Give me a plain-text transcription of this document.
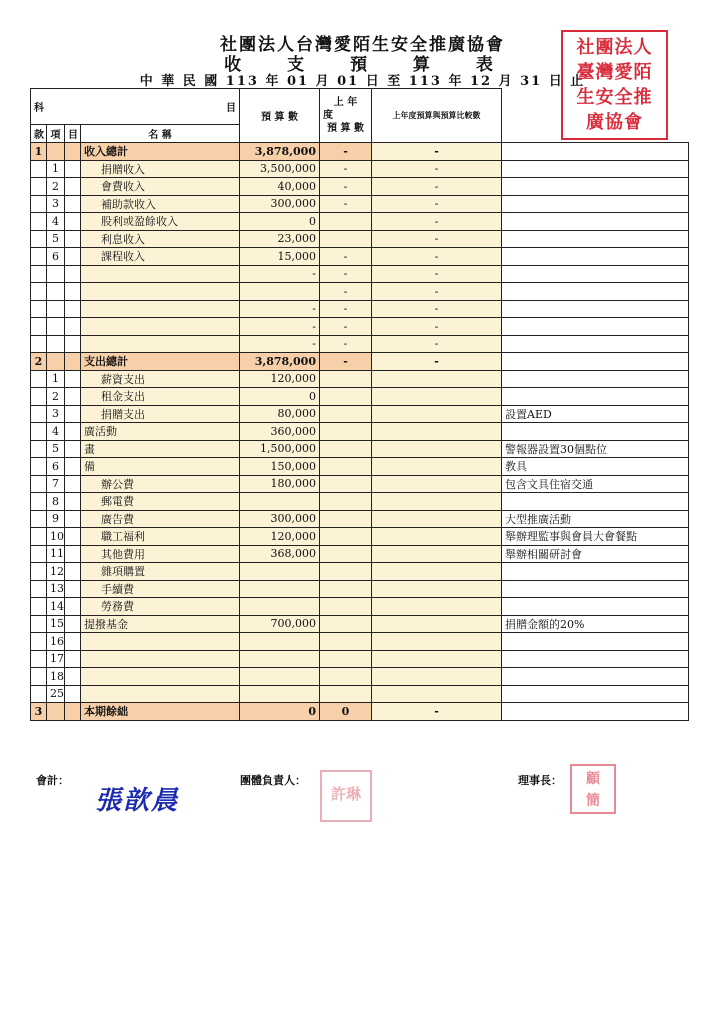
社團法人台灣愛陌生安全推廣協會
收 支 預 算 表
中 華 民 國 113 年 01 月 01 日 至 113 年 12 月 31 日 止
社團法人
臺灣愛陌
生安全推
廣協會
科			目	預 算 數	上 年
度
預 算 數	上年度預算與預算比較數	
款	項	目	名 稱				
1			收入總計	3,878,000	-	-	
	1		捐贈收入	3,500,000	-	-	
	2		會費收入	40,000	-	-	
	3		補助款收入	300,000	-	-	
	4		股利或盈餘收入	0		-	
	5		利息收入	23,000		-	
	6		課程收入	15,000	-	-	
				-	-	-	
					-	-	
				-	-	-	
				-	-	-	
				-	-	-	
2			支出總計	3,878,000	-	-	
	1		薪資支出	120,000			
	2		租金支出	0			
	3		捐贈支出	80,000			設置AED
	4		廣活動	360,000			
	5		畫	1,500,000			警報器設置30個點位
	6		備	150,000			教具
	7		辦公費	180,000			包含文具住宿交通
	8		郵電費				
	9		廣告費	300,000			大型推廣活動
	10		職工福利	120,000			舉辦理監事與會員大會餐點
	11		其他費用	368,000			舉辦相關研討會
	12		雜項購置				
	13		手續費				
	14		勞務費				
	15		提撥基金	700,000			捐贈金額的20%
	16						
	17						
	18						
	25						
3			本期餘絀	0	0	-	
會計：
張歆晨
團體負責人：
許琳
理事長：	顧
簡
